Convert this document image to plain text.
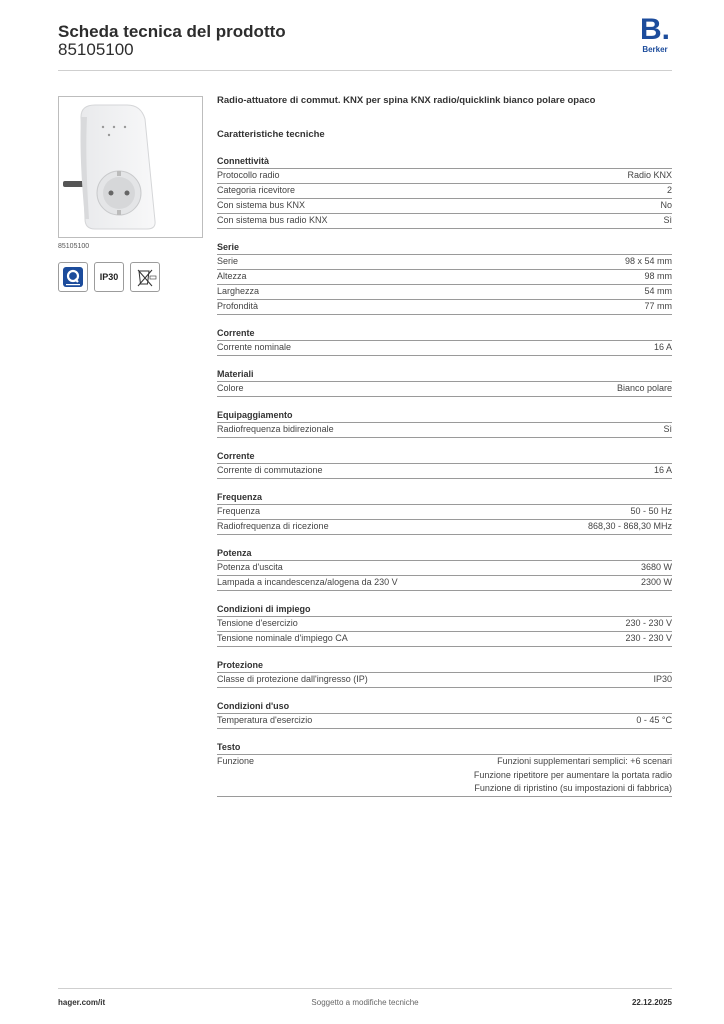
Scheda tecnica del prodotto
85105100
B.
Berker
85105100
IP30
Radio-attuatore di commut. KNX per spina KNX radio/quicklink bianco polare opaco
Caratteristiche tecniche
Connettività
Protocollo radio	Radio KNX
Categoria ricevitore	2
Con sistema bus KNX	No
Con sistema bus radio KNX	Sì
Serie
Serie	98 x 54 mm
Altezza	98 mm
Larghezza	54 mm
Profondità	77 mm
Corrente
Corrente nominale	16 A
Materiali
Colore	Bianco polare
Equipaggiamento
Radiofrequenza bidirezionale	Sì
Corrente
Corrente di commutazione	16 A
Frequenza
Frequenza	50 - 50 Hz
Radiofrequenza di ricezione	868,30 - 868,30 MHz
Potenza
Potenza d'uscita	3680 W
Lampada a incandescenza/alogena da 230 V	2300 W
Condizioni di impiego
Tensione d'esercizio	230 - 230 V
Tensione nominale d'impiego CA	230 - 230 V
Protezione
Classe di protezione dall'ingresso (IP)	IP30
Condizioni d'uso
Temperatura d'esercizio	0 - 45 °C
Testo
Funzione	Funzioni supplementari semplici: +6 scenari
Funzione ripetitore per aumentare la portata radio
Funzione di ripristino (su impostazioni di fabbrica)
hager.com/it	Soggetto a modifiche tecniche	22.12.2025
